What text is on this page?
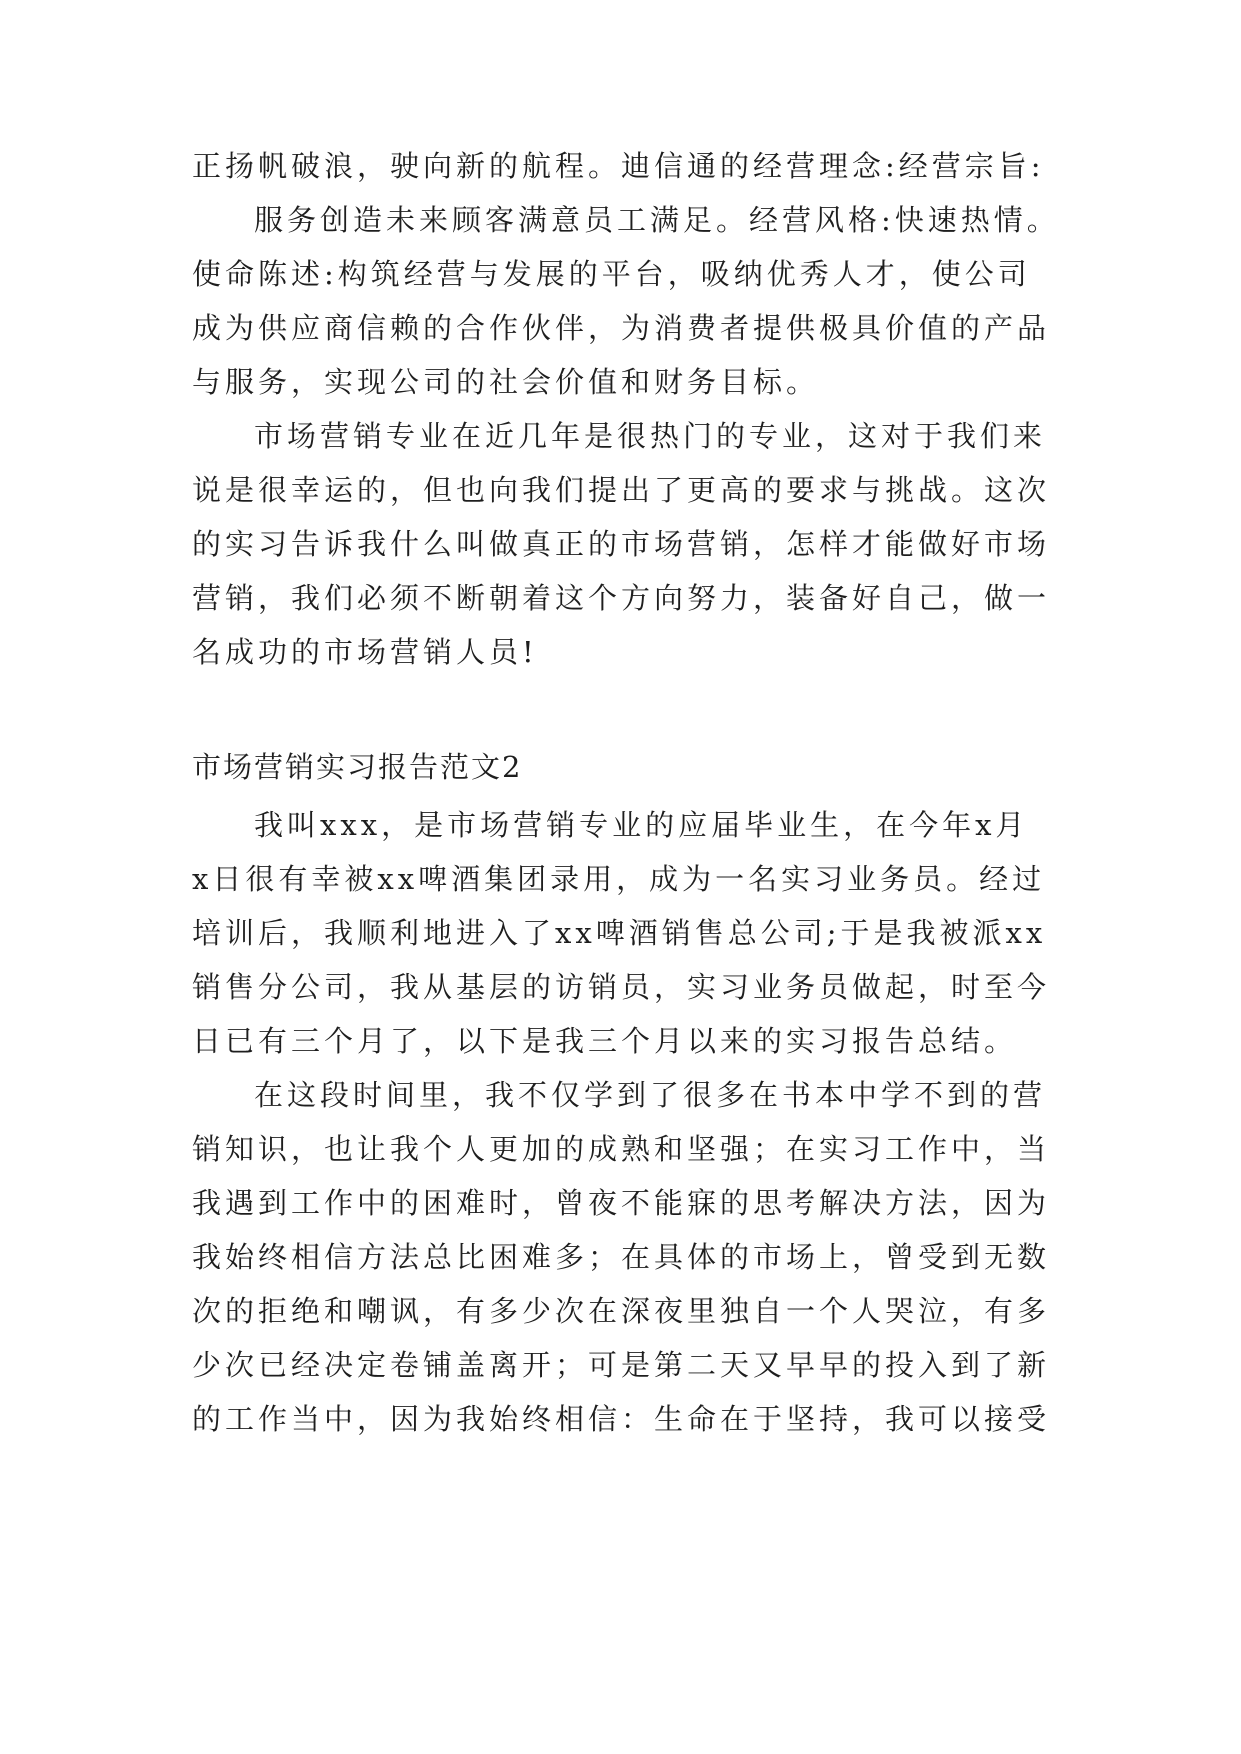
正扬帆破浪，驶向新的航程。迪信通的经营理念:经营宗旨:

服务创造未来顾客满意员工满足。经营风格:快速热情。

使命陈述:构筑经营与发展的平台，吸纳优秀人才，使公司

成为供应商信赖的合作伙伴，为消费者提供极具价值的产品

与服务，实现公司的社会价值和财务目标。

市场营销专业在近几年是很热门的专业，这对于我们来

说是很幸运的，但也向我们提出了更高的要求与挑战。这次

的实习告诉我什么叫做真正的市场营销，怎样才能做好市场

营销，我们必须不断朝着这个方向努力，装备好自己，做一

名成功的市场营销人员!

市场营销实习报告范文2

我叫xxx，是市场营销专业的应届毕业生，在今年x月

x日很有幸被xx啤酒集团录用，成为一名实习业务员。经过

培训后，我顺利地进入了xx啤酒销售总公司;于是我被派xx

销售分公司，我从基层的访销员，实习业务员做起，时至今

日已有三个月了，以下是我三个月以来的实习报告总结。

在这段时间里，我不仅学到了很多在书本中学不到的营

销知识，也让我个人更加的成熟和坚强；在实习工作中，当

我遇到工作中的困难时，曾夜不能寐的思考解决方法，因为

我始终相信方法总比困难多；在具体的市场上，曾受到无数

次的拒绝和嘲讽，有多少次在深夜里独自一个人哭泣，有多

少次已经决定卷铺盖离开；可是第二天又早早的投入到了新

的工作当中，因为我始终相信：生命在于坚持，我可以接受
